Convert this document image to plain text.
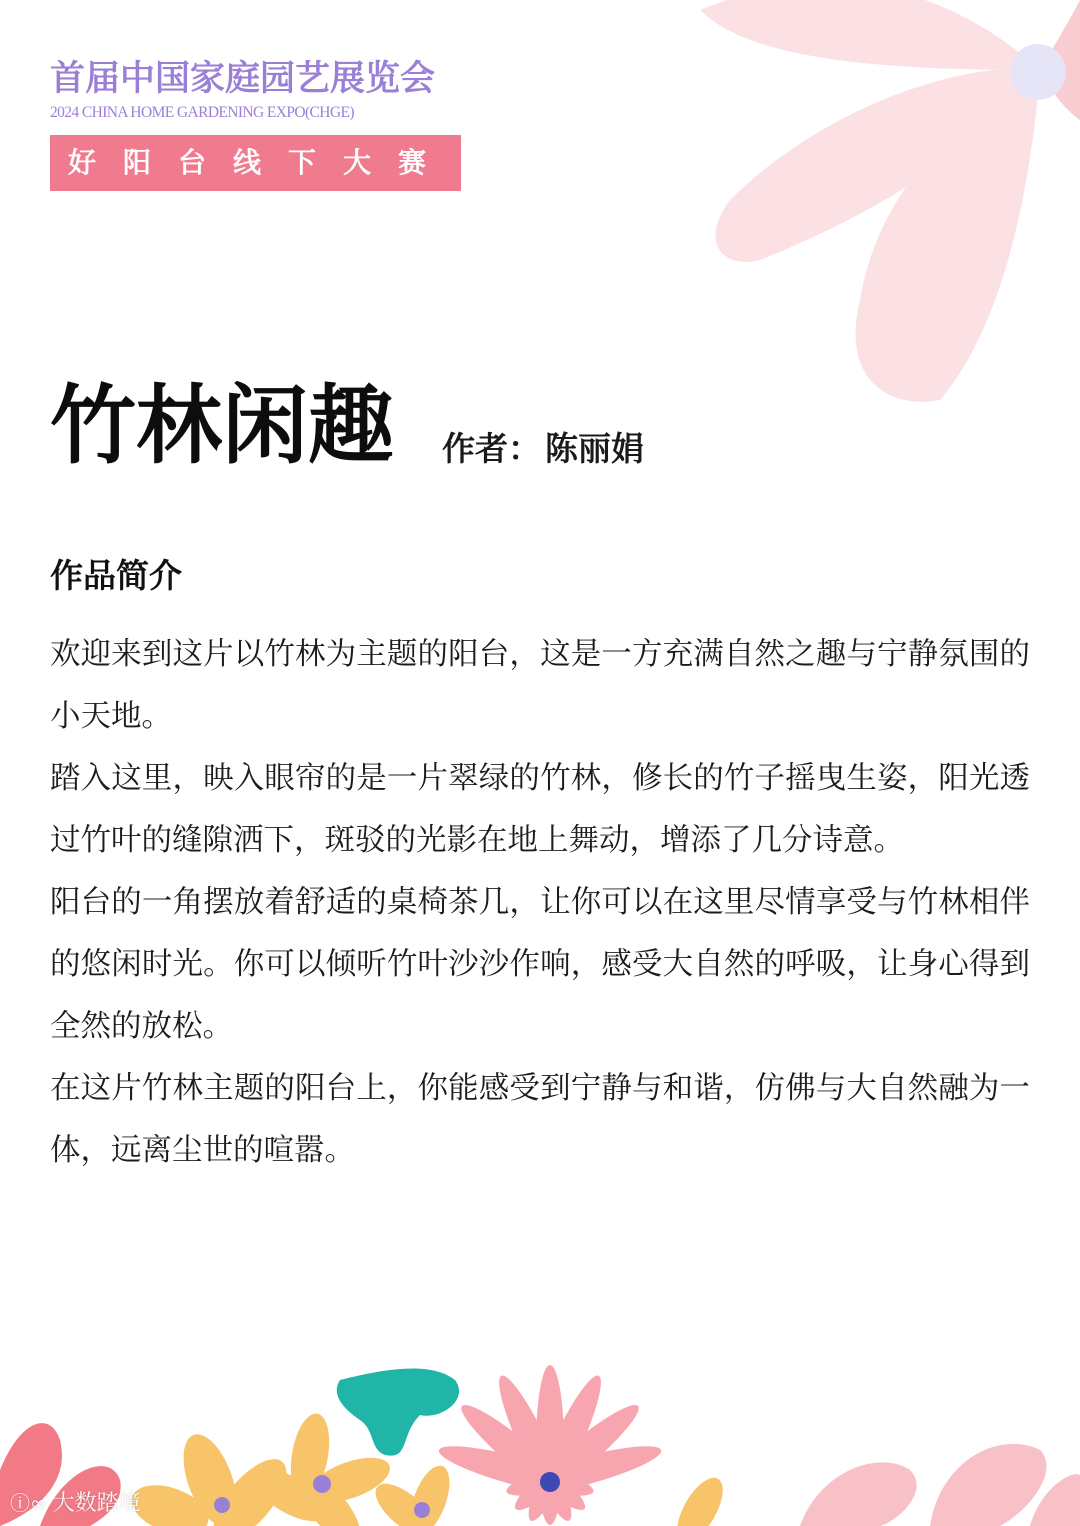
首届中国家庭园艺展览会
2024 CHINA HOME GARDENING EXPO(CHGE)
好阳台线下大赛
竹林闲趣 作者： 陈丽娟
作品简介

欢迎来到这片以竹林为主题的阳台，这是一方充满自然之趣与宁静氛围的小天地。

踏入这里，映入眼帘的是一片翠绿的竹林，修长的竹子摇曳生姿，阳光透过竹叶的缝隙洒下，斑驳的光影在地上舞动，增添了几分诗意。

阳台的一角摆放着舒适的桌椅茶几，让你可以在这里尽情享受与竹林相伴的悠闲时光。你可以倾听竹叶沙沙作响，感受大自然的呼吸，让身心得到全然的放松。

在这片竹林主题的阳台上，你能感受到宁静与和谐，仿佛与大自然融为一体，远离尘世的喧嚣。

ⓘ∞ 大数踏境
